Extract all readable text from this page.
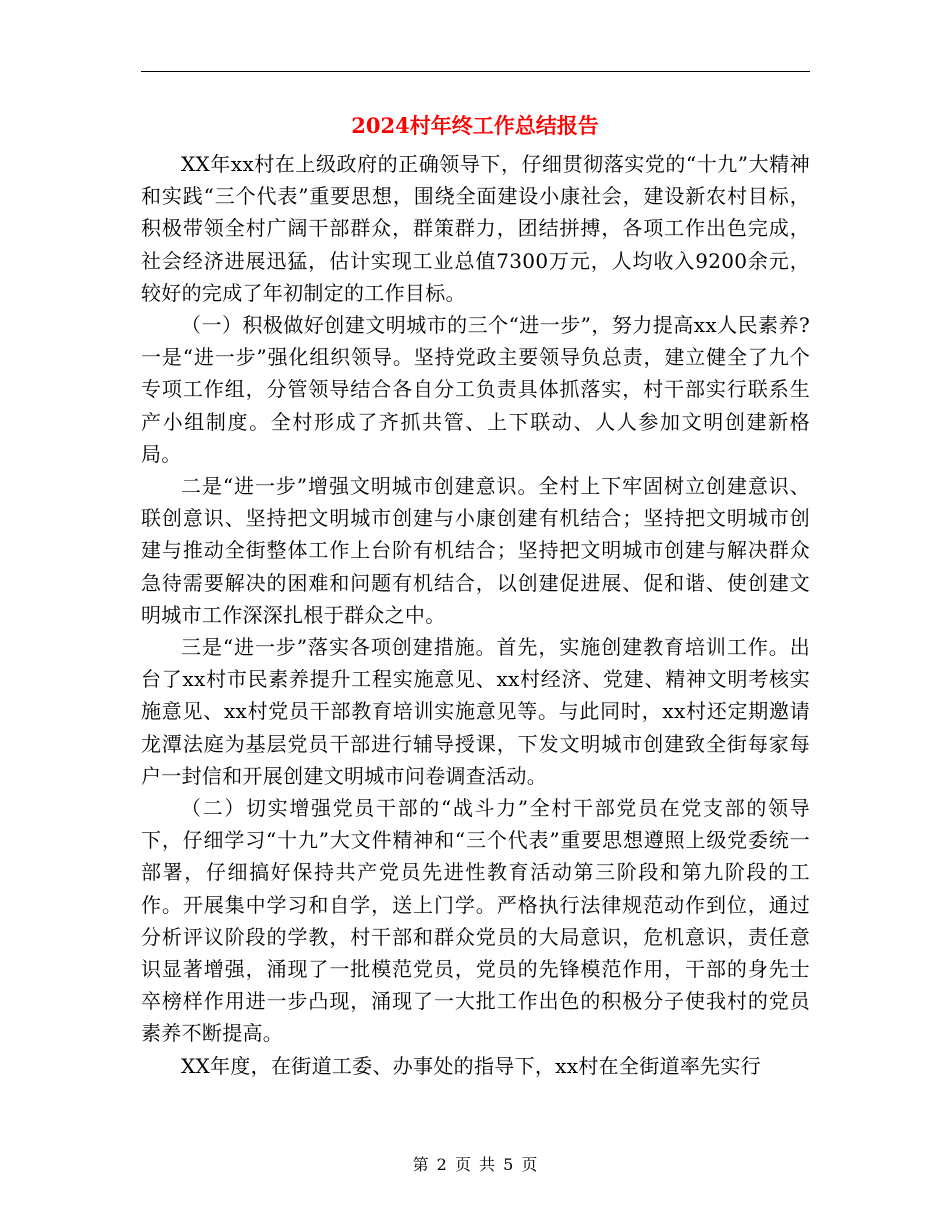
2024村年终工作总结报告

XX年xx村在上级政府的正确领导下，仔细贯彻落实党的“十九”大精神和实践“三个代表”重要思想，围绕全面建设小康社会，建设新农村目标，积极带领全村广阔干部群众，群策群力，团结拼搏，各项工作出色完成，社会经济进展迅猛，估计实现工业总值7300万元，人均收入9200余元，较好的完成了年初制定的工作目标。

（一）积极做好创建文明城市的三个“进一步”，努力提高xx人民素养?一是“进一步”强化组织领导。坚持党政主要领导负总责，建立健全了九个专项工作组，分管领导结合各自分工负责具体抓落实，村干部实行联系生产小组制度。全村形成了齐抓共管、上下联动、人人参加文明创建新格局。

二是“进一步”增强文明城市创建意识。全村上下牢固树立创建意识、联创意识、坚持把文明城市创建与小康创建有机结合；坚持把文明城市创建与推动全街整体工作上台阶有机结合；坚持把文明城市创建与解决群众急待需要解决的困难和问题有机结合，以创建促进展、促和谐、使创建文明城市工作深深扎根于群众之中。

三是“进一步”落实各项创建措施。首先，实施创建教育培训工作。出台了xx村市民素养提升工程实施意见、xx村经济、党建、精神文明考核实施意见、xx村党员干部教育培训实施意见等。与此同时，xx村还定期邀请龙潭法庭为基层党员干部进行辅导授课，下发文明城市创建致全街每家每户一封信和开展创建文明城市问卷调查活动。

（二）切实增强党员干部的“战斗力”全村干部党员在党支部的领导下，仔细学习“十九”大文件精神和“三个代表”重要思想遵照上级党委统一部署，仔细搞好保持共产党员先进性教育活动第三阶段和第九阶段的工作。开展集中学习和自学，送上门学。严格执行法律规范动作到位，通过分析评议阶段的学教，村干部和群众党员的大局意识，危机意识，责任意识显著增强，涌现了一批模范党员，党员的先锋模范作用，干部的身先士卒榜样作用进一步凸现，涌现了一大批工作出色的积极分子使我村的党员素养不断提高。

XX年度，在街道工委、办事处的指导下，xx村在全街道率先实行

第 2 页 共 5 页
